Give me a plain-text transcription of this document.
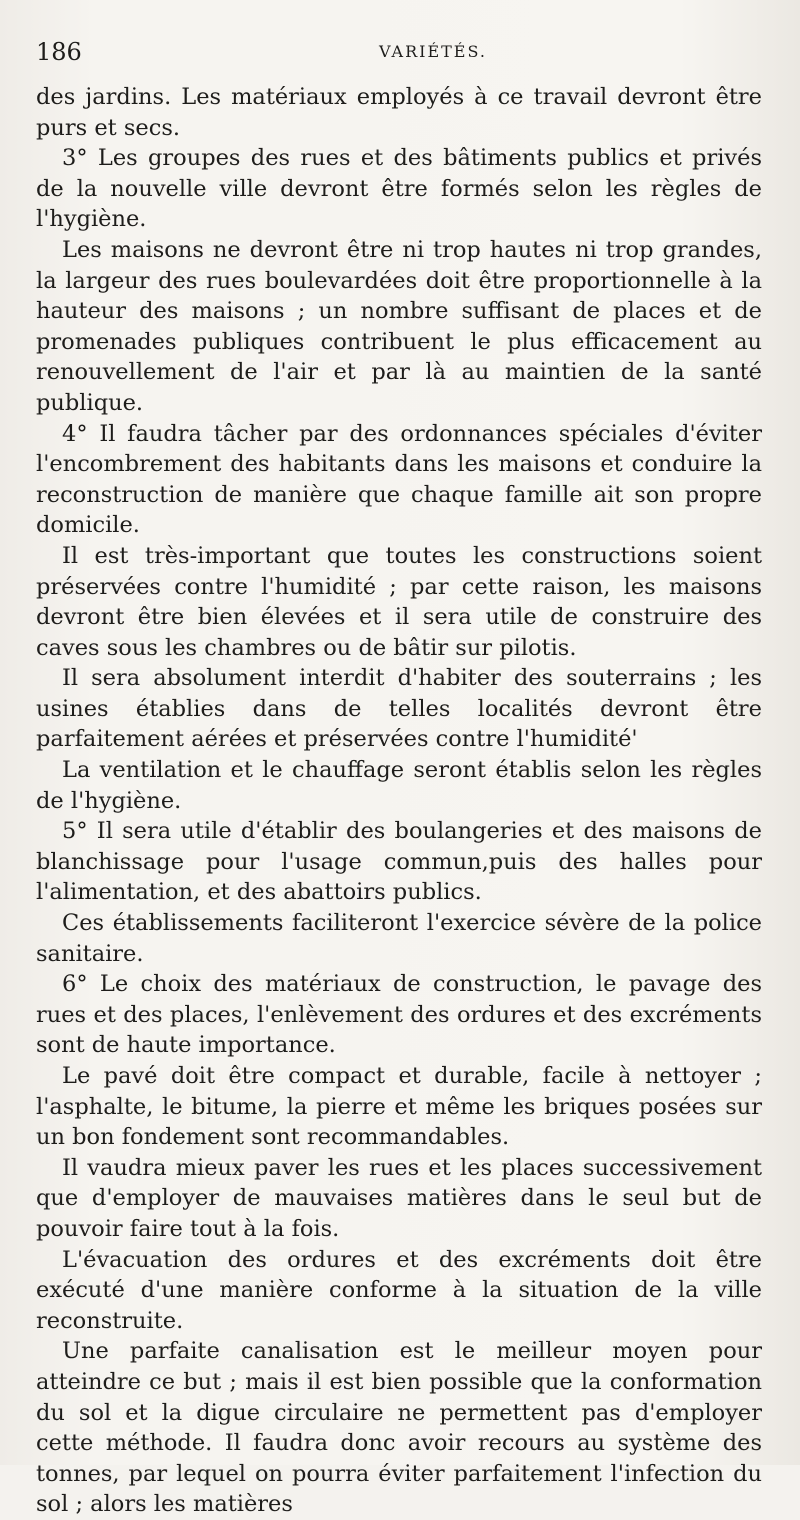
186	VARIÉTÉS.

des jardins. Les matériaux employés à ce travail devront être purs et secs.

3° Les groupes des rues et des bâtiments publics et privés de la nouvelle ville devront être formés selon les règles de l'hygiène.

Les maisons ne devront être ni trop hautes ni trop grandes, la largeur des rues boulevardées doit être proportionnelle à la hauteur des maisons ; un nombre suffisant de places et de promenades publiques contribuent le plus efficacement au renouvellement de l'air et par là au maintien de la santé publique.

4° Il faudra tâcher par des ordonnances spéciales d'éviter l'encombrement des habitants dans les maisons et conduire la reconstruction de manière que chaque famille ait son propre domicile.

Il est très-important que toutes les constructions soient préservées contre l'humidité ; par cette raison, les maisons devront être bien élevées et il sera utile de construire des caves sous les chambres ou de bâtir sur pilotis.

Il sera absolument interdit d'habiter des souterrains ; les usines établies dans de telles localités devront être parfaitement aérées et préservées contre l'humidité'

La ventilation et le chauffage seront établis selon les règles de l'hygiène.

5° Il sera utile d'établir des boulangeries et des maisons de blanchissage pour l'usage commun,puis des halles pour l'alimentation, et des abattoirs publics.

Ces établissements faciliteront l'exercice sévère de la police sanitaire.

6° Le choix des matériaux de construction, le pavage des rues et des places, l'enlèvement des ordures et des excréments sont de haute importance.

Le pavé doit être compact et durable, facile à nettoyer ; l'asphalte, le bitume, la pierre et même les briques posées sur un bon fondement sont recommandables.

Il vaudra mieux paver les rues et les places successivement que d'employer de mauvaises matières dans le seul but de pouvoir faire tout à la fois.

L'évacuation des ordures et des excréments doit être exécuté d'une manière conforme à la situation de la ville reconstruite.

Une parfaite canalisation est le meilleur moyen pour atteindre ce but ; mais il est bien possible que la conformation du sol et la digue circulaire ne permettent pas d'employer cette méthode. Il faudra donc avoir recours au système des tonnes, par lequel on pourra éviter parfaitement l'infection du sol ; alors les matières
